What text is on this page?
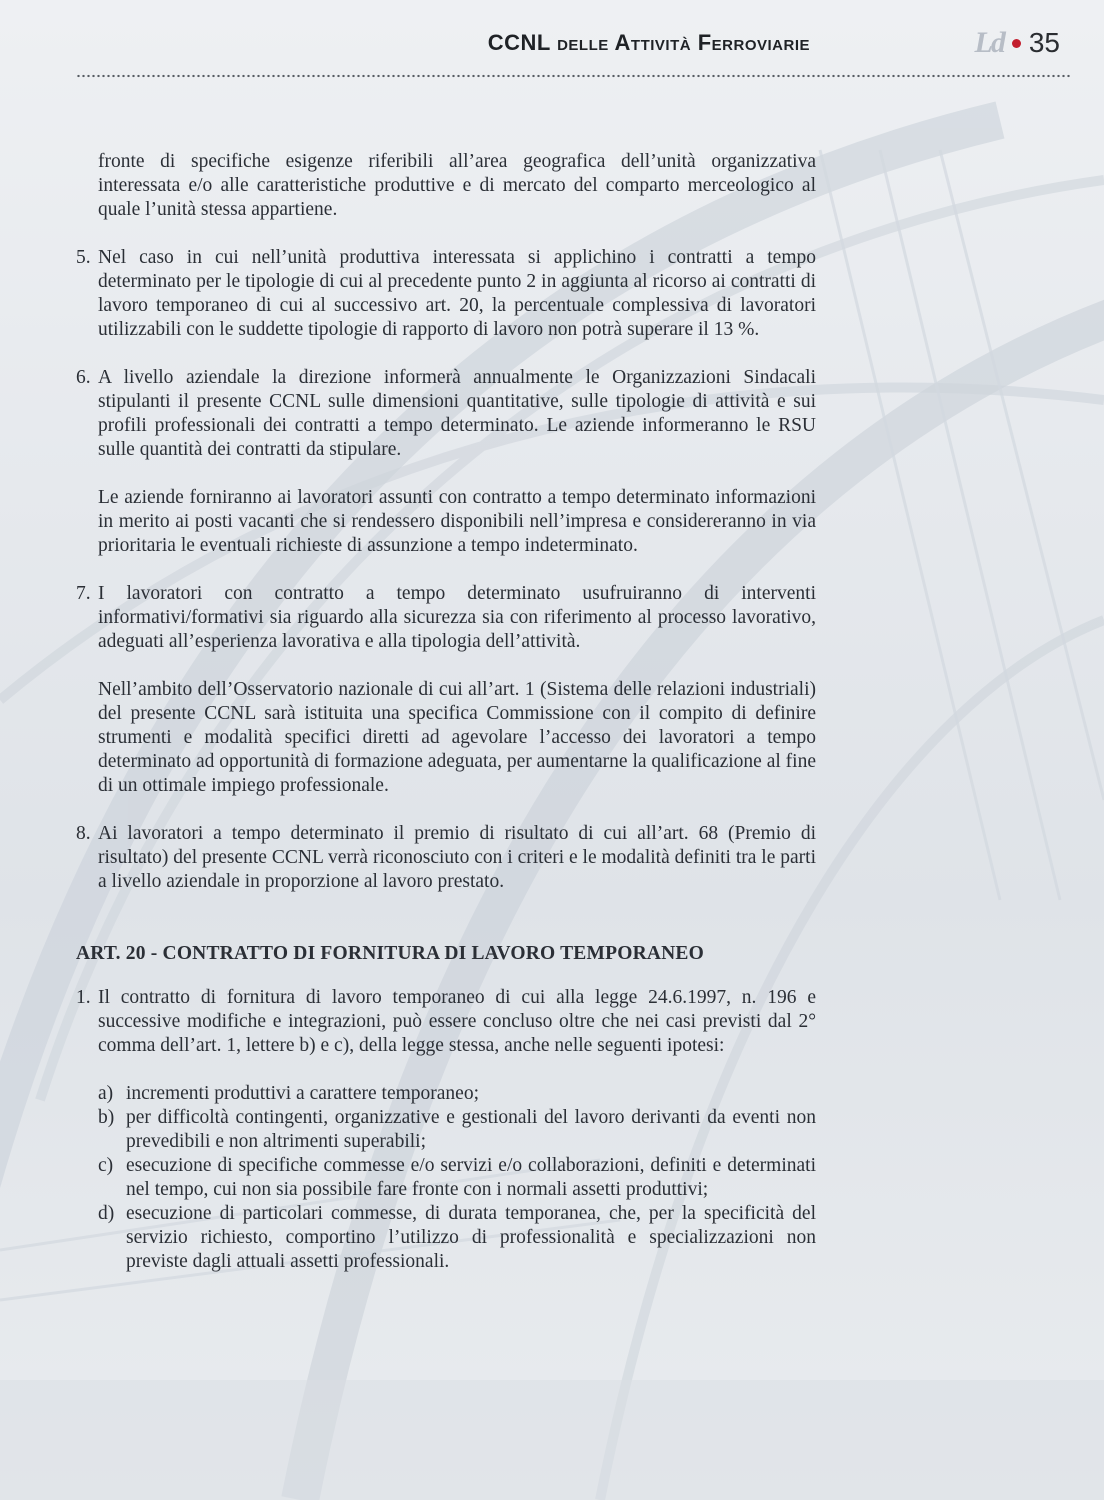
CCNL delle Attività Ferroviarie	Ld 35

fronte di specifiche esigenze riferibili all’area geografica dell’unità organizzativa interessata e/o alle caratteristiche produttive e di mercato del comparto merceologico al quale l’unità stessa appartiene.

5. Nel caso in cui nell’unità produttiva interessata si applichino i contratti a tempo determinato per le tipologie di cui al precedente punto 2 in aggiunta al ricorso ai contratti di lavoro temporaneo di cui al successivo art. 20, la percentuale complessiva di lavoratori utilizzabili con le suddette tipologie di rapporto di lavoro non potrà superare il 13 %.
6. A livello aziendale la direzione informerà annualmente le Organizzazioni Sindacali stipulanti il presente CCNL sulle dimensioni quantitative, sulle tipologie di attività e sui profili professionali dei contratti a tempo determinato. Le aziende informeranno le RSU sulle quantità dei contratti da stipulare.
Le aziende forniranno ai lavoratori assunti con contratto a tempo determinato informazioni in merito ai posti vacanti che si rendessero disponibili nell’impresa e considereranno in via prioritaria le eventuali richieste di assunzione a tempo indeterminato.
7. I lavoratori con contratto a tempo determinato usufruiranno di interventi informativi/formativi sia riguardo alla sicurezza sia con riferimento al processo lavorativo, adeguati all’esperienza lavorativa e alla tipologia dell’attività.
Nell’ambito dell’Osservatorio nazionale di cui all’art. 1 (Sistema delle relazioni industriali) del presente CCNL sarà istituita una specifica Commissione con il compito di definire strumenti e modalità specifici diretti ad agevolare l’accesso dei lavoratori a tempo determinato ad opportunità di formazione adeguata, per aumentarne la qualificazione al fine di un ottimale impiego professionale.
8. Ai lavoratori a tempo determinato il premio di risultato di cui all’art. 68 (Premio di risultato) del presente CCNL verrà riconosciuto con i criteri e le modalità definiti tra le parti a livello aziendale in proporzione al lavoro prestato.

ART. 20 - CONTRATTO DI FORNITURA DI LAVORO TEMPORANEO

1. Il contratto di fornitura di lavoro temporaneo di cui alla legge 24.6.1997, n. 196 e successive modifiche e integrazioni, può essere concluso oltre che nei casi previsti dal 2° comma dell’art. 1, lettere b) e c), della legge stessa, anche nelle seguenti ipotesi:
a) incrementi produttivi a carattere temporaneo;
b) per difficoltà contingenti, organizzative e gestionali del lavoro derivanti da eventi non prevedibili e non altrimenti superabili;
c) esecuzione di specifiche commesse e/o servizi e/o collaborazioni, definiti e determinati nel tempo, cui non sia possibile fare fronte con i normali assetti produttivi;
d) esecuzione di particolari commesse, di durata temporanea, che, per la specificità del servizio richiesto, comportino l’utilizzo di professionalità e specializzazioni non previste dagli attuali assetti professionali.
